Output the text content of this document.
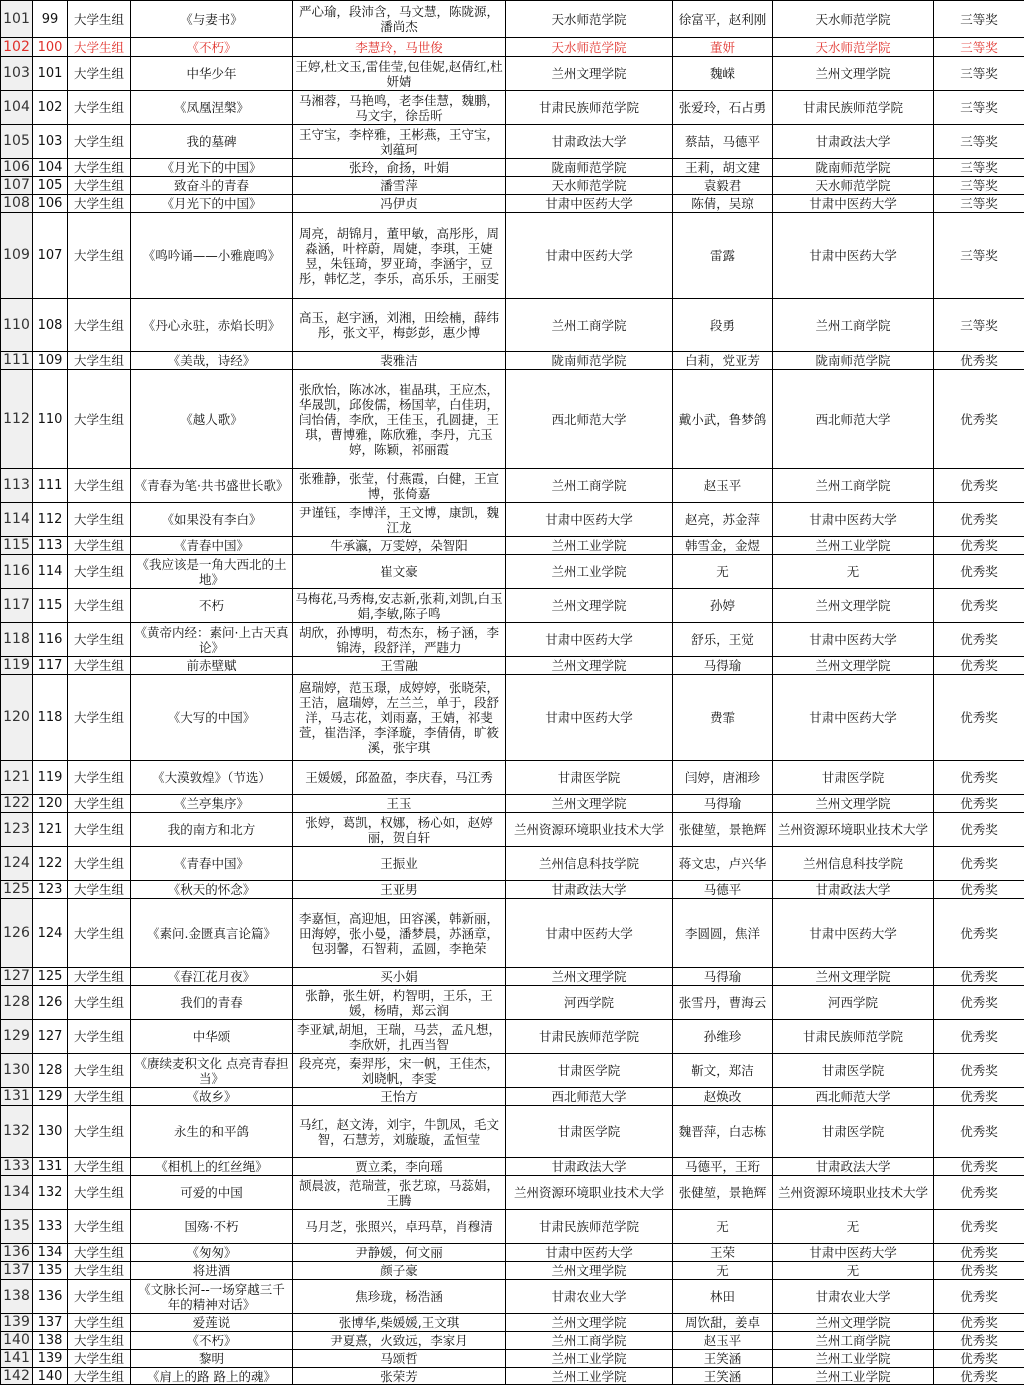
101	99	大学生组	《与妻书》	严心瑜，段沛含，马文慧，陈陇源，潘尚杰	天水师范学院	徐富平，赵利刚	天水师范学院	三等奖
102	100	大学生组	《不朽》	李慧玲，马世俊	天水师范学院	董妍	天水师范学院	三等奖
103	101	大学生组	中华少年	王婷,杜文玉,雷佳莹,包佳妮,赵倩红,杜妍婧	兰州文理学院	魏嵘	兰州文理学院	三等奖
104	102	大学生组	《凤凰涅槃》	马湘蓉，马艳鸣，老李佳慧，魏鹏，马文宇，徐岳昕	甘肃民族师范学院	张爱玲，石占勇	甘肃民族师范学院	三等奖
105	103	大学生组	我的墓碑	王守宝，李梓雅，王彬燕，王守宝，刘蕴珂	甘肃政法大学	蔡喆，马德平	甘肃政法大学	三等奖
106	104	大学生组	《月光下的中国》	张玲，俞扬，叶娟	陇南师范学院	王莉，胡文建	陇南师范学院	三等奖
107	105	大学生组	致奋斗的青春	潘雪萍	天水师范学院	袁毅君	天水师范学院	三等奖
108	106	大学生组	《月光下的中国》	冯伊贞	甘肃中医药大学	陈倩，吴琼	甘肃中医药大学	三等奖
109	107	大学生组	《鸣吟诵——小雅鹿鸣》	周亮，胡锦月，董甲敏，高彤彤，周淼涵，叶梓蔚，周婕，李琪，王婕昱，朱钰琦，罗亚琦，李涵宇，豆彤，韩忆芝，李乐，高乐乐，王丽雯	甘肃中医药大学	雷露	甘肃中医药大学	三等奖
110	108	大学生组	《丹心永驻，赤焰长明》	高玉，赵宇涵，刘湘，田绘楠，薛纬彤，张文平，梅彭彭，惠少博	兰州工商学院	段勇	兰州工商学院	三等奖
111	109	大学生组	《美哉，诗经》	裴雅洁	陇南师范学院	白莉，党亚芳	陇南师范学院	优秀奖
112	110	大学生组	《越人歌》	张欣怡，陈冰冰，崔晶琪，王应杰，华晟凯，邱俊儒，杨国苹，白佳玥，闫怡倩，李欣，王佳玉，孔圆捷，王琪，曹博雅，陈欣雅，李丹，亢玉婷，陈颖，祁丽霞	西北师范大学	戴小武，鲁梦鸽	西北师范大学	优秀奖
113	111	大学生组	《青春为笔·共书盛世长歌》	张雅静，张莹，付燕霞，白健，王宣博，张倚嘉	兰州工商学院	赵玉平	兰州工商学院	优秀奖
114	112	大学生组	《如果没有李白》	尹谨钰，李博洋，王文博，康凯，魏江龙	甘肃中医药大学	赵亮，苏金萍	甘肃中医药大学	优秀奖
115	113	大学生组	《青春中国》	牛承瀛，万雯婷，朵智阳	兰州工业学院	韩雪金，金煜	兰州工业学院	优秀奖
116	114	大学生组	《我应该是一角大西北的土地》	崔文豪	兰州工业学院	无	无	优秀奖
117	115	大学生组	不朽	马梅花,马秀梅,安志新,张莉,刘凯,白玉娟,李敏,陈子鸣	兰州文理学院	孙婷	兰州文理学院	优秀奖
118	116	大学生组	《黄帝内经：素问·上古天真论》	胡欣，孙博明，苟杰东，杨子涵，李锦涛，段舒洋，严韪力	甘肃中医药大学	舒乐，王觉	甘肃中医药大学	优秀奖
119	117	大学生组	前赤壁赋	王雪融	兰州文理学院	马得瑜	兰州文理学院	优秀奖
120	118	大学生组	《大写的中国》	扈瑞婷，范玉璟，成婷婷，张晓荣，王洁，扈瑞婷，左兰兰，单于，段舒洋，马志花，刘雨嘉，王婧，祁斐萱，崔浩泽，李泽璇，李倩倩，旷筱溪，张宇琪	甘肃中医药大学	费霏	甘肃中医药大学	优秀奖
121	119	大学生组	《大漠敦煌》（节选）	王媛媛，邱盈盈，李庆春，马江秀	甘肃医学院	闫婷，唐湘珍	甘肃医学院	优秀奖
122	120	大学生组	《兰亭集序》	王玉	兰州文理学院	马得瑜	兰州文理学院	优秀奖
123	121	大学生组	我的南方和北方	张婷，葛凯，权娜，杨心如，赵婷丽，贺自轩	兰州资源环境职业技术大学	张健堃，景艳辉	兰州资源环境职业技术大学	优秀奖
124	122	大学生组	《青春中国》	王振业	兰州信息科技学院	蒋文忠，卢兴华	兰州信息科技学院	优秀奖
125	123	大学生组	《秋天的怀念》	王亚男	甘肃政法大学	马德平	甘肃政法大学	优秀奖
126	124	大学生组	《素问.金匮真言论篇》	李嘉恒，高迎旭，田容溪，韩新丽，田海婷，张小曼，潘梦晨，苏涵章，包羽馨，石智莉，孟圆，李艳荣	甘肃中医药大学	李圆圆，焦洋	甘肃中医药大学	优秀奖
127	125	大学生组	《春江花月夜》	买小娟	兰州文理学院	马得瑜	兰州文理学院	优秀奖
128	126	大学生组	我们的青春	张静，张生妍，杓智明，王乐，王媛，杨晴，郑云润	河西学院	张雪丹，曹海云	河西学院	优秀奖
129	127	大学生组	中华颂	李亚斌,胡旭，王瑞，马芸，孟凡想，李欣妍，扎西当智	甘肃民族师范学院	孙维珍	甘肃民族师范学院	优秀奖
130	128	大学生组	《赓续麦积文化 点亮青春担当》	段亮亮，秦羿彤，宋一帆，王佳杰，刘晓帆，李雯	甘肃医学院	靳文，郑洁	甘肃医学院	优秀奖
131	129	大学生组	《故乡》	王怡方	西北师范大学	赵焕改	西北师范大学	优秀奖
132	130	大学生组	永生的和平鸽	马红，赵文涛，刘宇，牛凯凤，毛文智，石慧芳，刘璇璇，孟恒莹	甘肃医学院	魏晋萍，白志栋	甘肃医学院	优秀奖
133	131	大学生组	《相机上的红丝绳》	贾立柔，李向瑶	甘肃政法大学	马德平，王珩	甘肃政法大学	优秀奖
134	132	大学生组	可爱的中国	颉晨波，范瑞萱，张艺琼，马蕊娟，王腾	兰州资源环境职业技术大学	张健堃，景艳辉	兰州资源环境职业技术大学	优秀奖
135	133	大学生组	国殇·不朽	马月芝，张照兴，卓玛草，肖穆清	甘肃民族师范学院	无	无	优秀奖
136	134	大学生组	《匆匆》	尹静媛，何文丽	甘肃中医药大学	王荣	甘肃中医药大学	优秀奖
137	135	大学生组	将进酒	颜子豪	兰州文理学院	无	无	优秀奖
138	136	大学生组	《文脉长河--一场穿越三千年的精神对话》	焦珍珑，杨浩涵	甘肃农业大学	林田	甘肃农业大学	优秀奖
139	137	大学生组	爱莲说	张博华,柴媛媛,王文琪	兰州文理学院	周饮甜，姜卓	兰州文理学院	优秀奖
140	138	大学生组	《不朽》	尹夏熹，火致远，李家月	兰州工商学院	赵玉平	兰州工商学院	优秀奖
141	139	大学生组	黎明	马颂哲	兰州工业学院	王笑涵	兰州工业学院	优秀奖
142	140	大学生组	《肩上的路 路上的魂》	张荣芳	兰州工业学院	王笑涵	兰州工业学院	优秀奖
